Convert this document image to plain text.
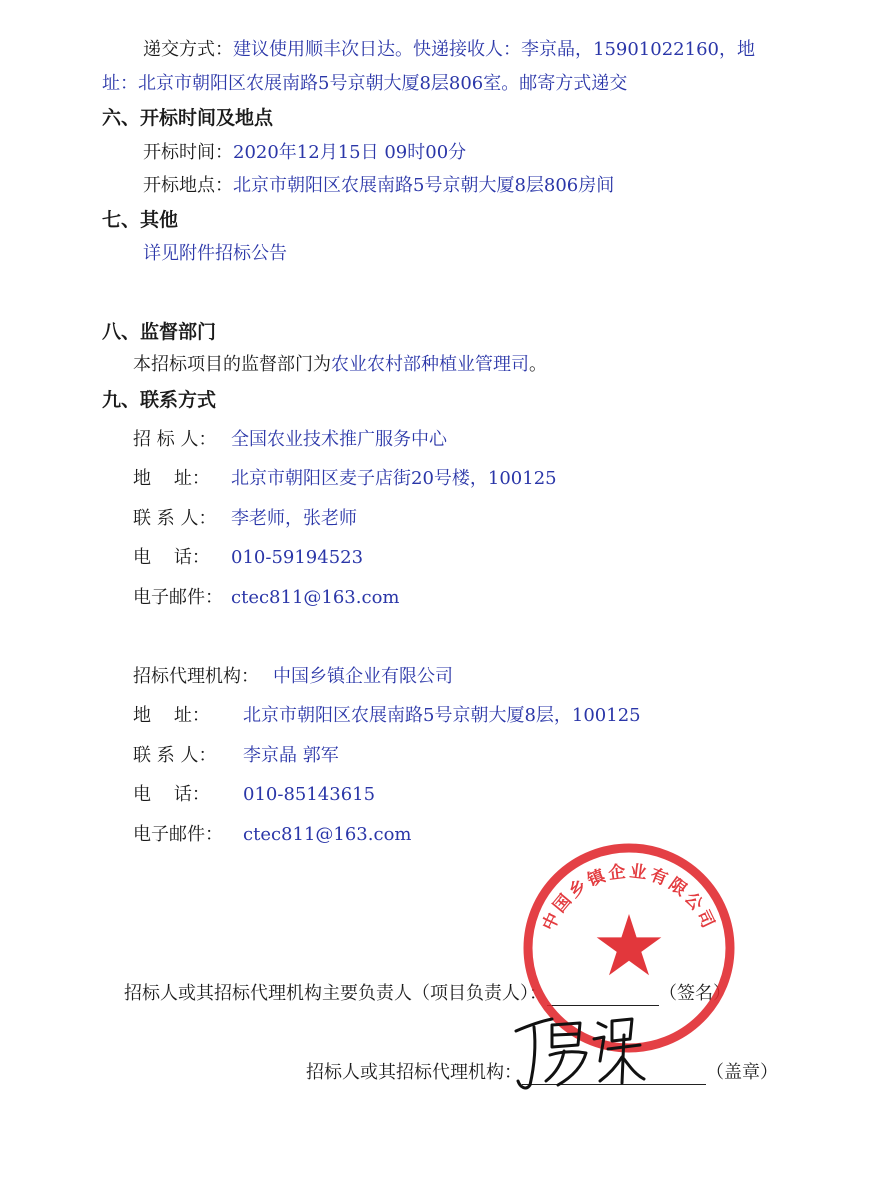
递交方式：建议使用顺丰次日达。快递接收人：李京晶，15901022160，地
址：北京市朝阳区农展南路5号京朝大厦8层806室。邮寄方式递交
六、开标时间及地点
开标时间：2020年12月15日 09时00分
开标地点：北京市朝阳区农展南路5号京朝大厦8层806房间
七、其他
详见附件招标公告
八、监督部门
本招标项目的监督部门为农业农村部种植业管理司。
九、联系方式
招 标 人： 全国农业技术推广服务中心
地    址： 北京市朝阳区麦子店街20号楼，100125
联 系 人： 李老师，张老师
电    话： 010-59194523
电子邮件： ctec811@163.com
招标代理机构： 中国乡镇企业有限公司
地    址： 北京市朝阳区农展南路5号京朝大厦8层，100125
联 系 人： 李京晶 郭军
电    话： 010-85143615
电子邮件： ctec811@163.com
招标人或其招标代理机构主要负责人（项目负责人）：	（签名）
招标人或其招标代理机构：	（盖章）
中国乡镇企业有限公司
